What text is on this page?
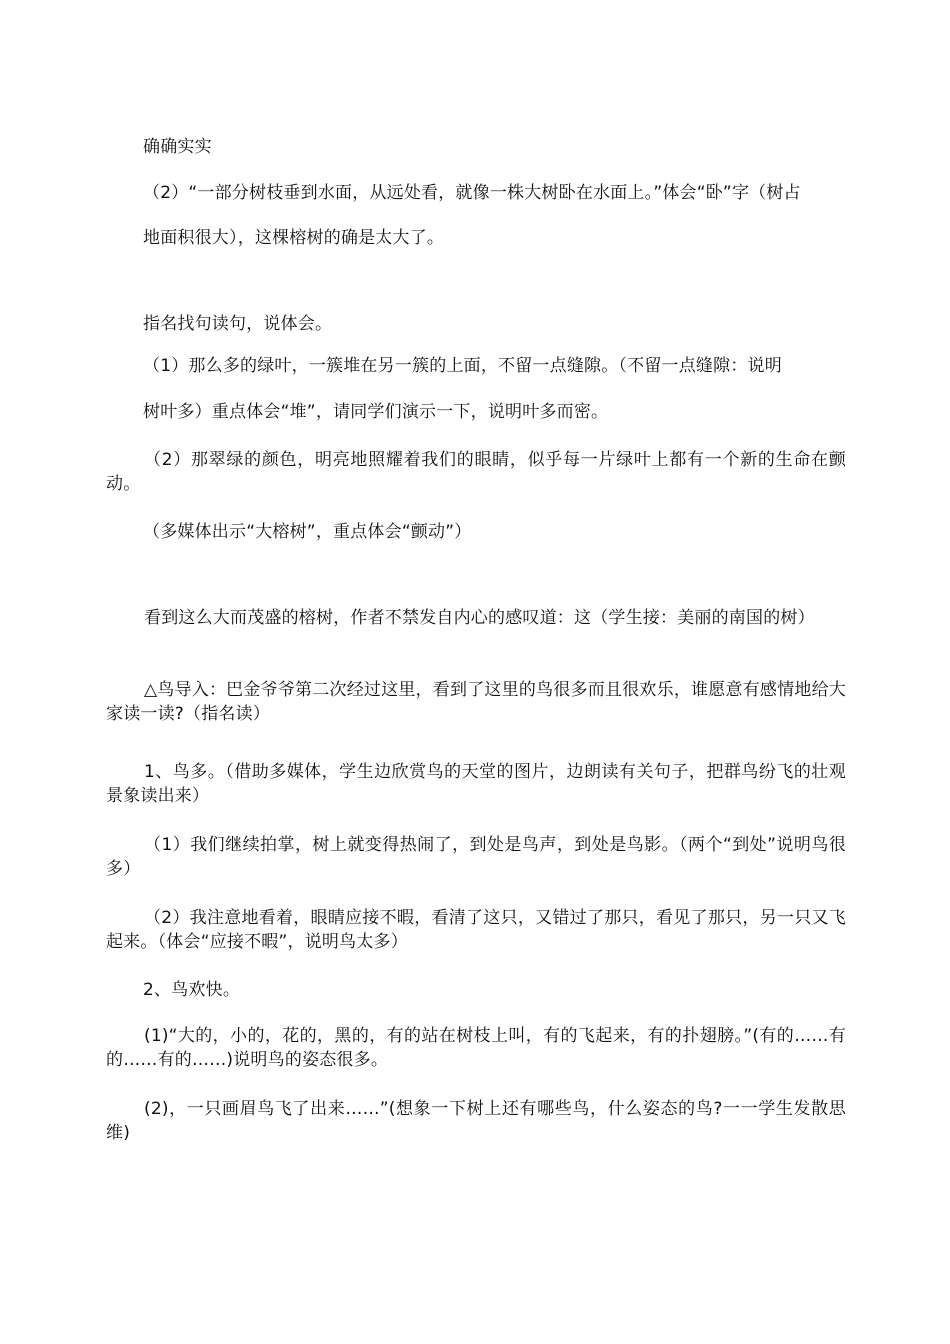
确确实实
（2）“一部分树枝垂到水面，从远处看，就像一株大树卧在水面上。”体会“卧”字（树占
地面积很大），这棵榕树的确是太大了。
指名找句读句，说体会。
（1）那么多的绿叶，一簇堆在另一簇的上面，不留一点缝隙。（不留一点缝隙：说明
树叶多）重点体会“堆”，请同学们演示一下，说明叶多而密。
（2）那翠绿的颜色，明亮地照耀着我们的眼睛，似乎每一片绿叶上都有一个新的生命在颤动。
（多媒体出示“大榕树”，重点体会“颤动”）
看到这么大而茂盛的榕树，作者不禁发自内心的感叹道：这（学生接：美丽的南国的树）
△鸟导入：巴金爷爷第二次经过这里，看到了这里的鸟很多而且很欢乐，谁愿意有感情地给大家读一读?（指名读）
1、鸟多。（借助多媒体，学生边欣赏鸟的天堂的图片，边朗读有关句子，把群鸟纷飞的壮观景象读出来）
（1）我们继续拍掌，树上就变得热闹了，到处是鸟声，到处是鸟影。（两个“到处”说明鸟很多）
（2）我注意地看着，眼睛应接不暇，看清了这只，又错过了那只，看见了那只，另一只又飞起来。（体会“应接不暇”，说明鸟太多）
2、鸟欢快。
(1)“大的，小的，花的，黑的，有的站在树枝上叫，有的飞起来，有的扑翅膀。”(有的……有的……有的……)说明鸟的姿态很多。
(2)，一只画眉鸟飞了出来……”(想象一下树上还有哪些鸟，什么姿态的鸟?一一学生发散思维)
